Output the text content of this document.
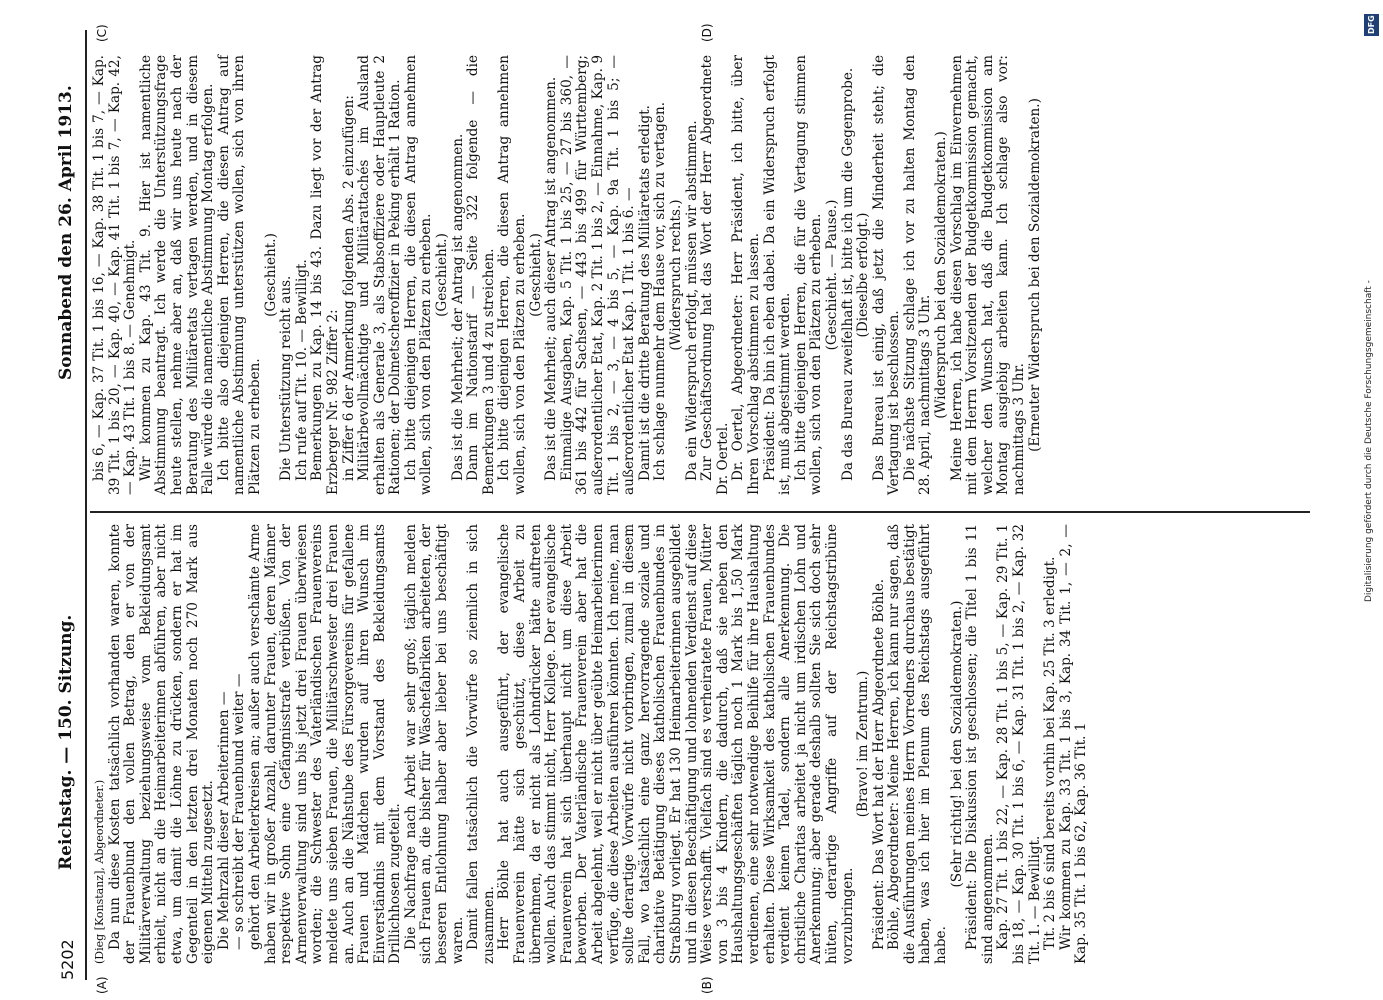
5202
Reichstag. — 150. Sitzung.
Sonnabend den 26. April 1913.
(A)	(B)
(C)	(D)

(Dieg [Konstanz], Abgeordneter.) Da nun diese Kosten tatsächlich vorhanden waren, konnte der Frauenbund den vollen Betrag, den er von der Militärverwaltung beziehungsweise vom Bekleidungsamt erhielt, nicht an die Heimarbeiterinnen abführen, aber nicht etwa, um damit die Löhne zu drücken, sondern er hat im Gegenteil in den letzten drei Monaten noch 270 Mark aus eigenen Mitteln zugesetzt. Die Mehrzahl dieser Arbeiterinnen — — so schreibt der Frauenbund weiter — gehört den Arbeiterkreisen an; außer auch verschämte Arme haben wir in großer Anzahl, darunter Frauen, deren Männer respektive Sohn eine Gefängnisstrafe verbüßen. Von der Armenverwaltung sind uns bis jetzt drei Frauen überwiesen worden; die Schwester des Vaterländischen Frauenvereins meldete uns sieben Frauen, die Militärschwester drei Frauen an. Auch an die Nähstube des Fürsorgevereins für gefallene Frauen und Mädchen wurden auf ihren Wunsch im Einverständnis mit dem Vorstand des Bekleidungsamts Drillichhosen zugeteilt. Die Nachfrage nach Arbeit war sehr groß; täglich melden sich Frauen an, die bisher für Wäschefabriken arbeiteten, der besseren Entlohnung halber aber lieber bei uns beschäftigt waren. Damit fallen tatsächlich die Vorwürfe so ziemlich in sich zusammen. Herr Böhle hat auch ausgeführt, der evangelische Frauenverein hätte sich geschützt, diese Arbeit zu übernehmen, da er nicht als Lohndrücker hätte auftreten wollen. Auch das stimmt nicht, Herr Kollege. Der evangelische Frauenverein hat sich überhaupt nicht um diese Arbeit beworben. Der Vaterländische Frauenverein aber hat die Arbeit abgelehnt, weil er nicht über geübte Heimarbeiterinnen verfüge, die diese Arbeiten ausführen könnten. Ich meine, man sollte derartige Vorwürfe nicht vorbringen, zumal in diesem Fall, wo tatsächlich eine ganz hervorragende soziale und charitative Betätigung dieses katholischen Frauenbundes in Straßburg vorliegt. Er hat 130 Heimarbeiterinnen ausgebildet und in diesen Beschäftigung und lohnenden Verdienst auf diese Weise verschafft. Vielfach sind es verheiratete Frauen, Mütter von 3 bis 4 Kindern, die dadurch, daß sie neben den Haushaltungsgeschäften täglich noch 1 Mark bis 1,50 Mark verdienen, eine sehr notwendige Beihilfe für ihre Haushaltung erhalten. Diese Wirksamkeit des katholischen Frauenbundes verdient keinen Tadel, sondern alle Anerkennung. Die christliche Charitas arbeitet ja nicht um irdischen Lohn und Anerkennung; aber gerade deshalb sollten Sie sich doch sehr hüten, derartige Angriffe auf der Reichstagstribüne vorzubringen.

(Bravo! im Zentrum.) Präsident: Das Wort hat der Herr Abgeordnete Böhle. Böhle, Abgeordneter: Meine Herren, ich kann nur sagen, daß die Ausführungen meines Herrn Vorredners durchaus bestätigt haben, was ich hier im Plenum des Reichstags ausgeführt habe.

(Sehr richtig! bei den Sozialdemokraten.) Präsident: Die Diskussion ist geschlossen; die Titel 1 bis 11 sind angenommen. Kap. 27 Tit. 1 bis 22, — Kap. 28 Tit. 1 bis 5, — Kap. 29 Tit. 1 bis 18, — Kap. 30 Tit. 1 bis 6, — Kap. 31 Tit. 1 bis 2, — Kap. 32 Tit. 1. — Bewilligt. Tit. 2 bis 6 sind bereits vorhin bei Kap. 25 Tit. 3 erledigt. Wir kommen zu Kap. 33 Tit. 1 bis 3, Kap. 34 Tit. 1, — 2, — Kap. 35 Tit. 1 bis 62, Kap. 36 Tit. 1

bis 6, — Kap. 37 Tit. 1 bis 16, — Kap. 38 Tit. 1 bis 7, — Kap. 39 Tit. 1 bis 20, — Kap. 40, — Kap. 41 Tit. 1 bis 7, — Kap. 42, — Kap. 43 Tit. 1 bis 8. — Genehmigt. Wir kommen zu Kap. 43 Tit. 9. Hier ist namentliche Abstimmung beantragt. Ich werde die Unterstützungsfrage heute stellen, nehme aber an, daß wir uns heute nach der Beratung des Militäretats vertagen werden, und in diesem Falle würde die namentliche Abstimmung Montag erfolgen. Ich bitte also diejenigen Herren, die diesen Antrag auf namentliche Abstimmung unterstützen wollen, sich von ihren Plätzen zu erheben.

(Geschieht.)

Die Unterstützung reicht aus. Ich rufe auf Tit. 10. — Bewilligt. Bemerkungen zu Kap. 14 bis 43. Dazu liegt vor der Antrag Erzberger Nr. 982 Ziffer 2: in Ziffer 6 der Anmerkung folgenden Abs. 2 einzufügen: Militärbevollmächtigte und Militärattachés im Ausland erhalten als Generale 3, als Stabsoffiziere oder Hauptleute 2 Rationen; der Dolmetscheroffizier in Peking erhält 1 Ration. Ich bitte diejenigen Herren, die diesen Antrag annehmen wollen, sich von den Plätzen zu erheben. (Geschieht.) Das ist die Mehrheit; der Antrag ist angenommen. Dann im Nationstarif — Seite 322 folgende — die Bemerkungen 3 und 4 zu streichen. Ich bitte diejenigen Herren, die diesen Antrag annehmen wollen, sich von den Plätzen zu erheben. (Geschieht.) Das ist die Mehrheit; auch dieser Antrag ist angenommen. Einmalige Ausgaben, Kap. 5 Tit. 1 bis 25, — 27 bis 360, — 361 bis 442 für Sachsen, — 443 bis 499 für Württemberg; außerordentlicher Etat, Kap. 2 Tit. 1 bis 2, — Einnahme, Kap. 9 Tit. 1 bis 2, — 3, — 4 bis 5, — Kap. 9a Tit. 1 bis 5; — außerordentlicher Etat Kap. 1 Tit. 1 bis 6. — Damit ist die dritte Beratung des Militäretats erledigt. Ich schlage nunmehr dem Hause vor, sich zu vertagen. (Widerspruch rechts.) Da ein Widerspruch erfolgt, müssen wir abstimmen. Zur Geschäftsordnung hat das Wort der Herr Abgeordnete Dr. Oertel. Dr. Oertel, Abgeordneter: Herr Präsident, ich bitte, über Ihren Vorschlag abstimmen zu lassen. Präsident: Da bin ich eben dabei. Da ein Widerspruch erfolgt ist, muß abgestimmt werden. Ich bitte diejenigen Herren, die für die Vertagung stimmen wollen, sich von den Plätzen zu erheben. (Geschieht. — Pause.) Da das Bureau zweifelhaft ist, bitte ich um die Gegenprobe. (Dieselbe erfolgt.) Das Bureau ist einig, daß jetzt die Minderheit steht; die Vertagung ist beschlossen. Die nächste Sitzung schlage ich vor zu halten Montag den 28. April, nachmittags 3 Uhr. (Widerspruch bei den Sozialdemokraten.) Meine Herren, ich habe diesen Vorschlag im Einvernehmen mit dem Herrn Vorsitzenden der Budgetkommission gemacht, welcher den Wunsch hat, daß die Budgetkommission am Montag ausgiebig arbeiten kann. Ich schlage also vor: nachmittags 3 Uhr. (Erneuter Widerspruch bei den Sozialdemokraten.)

DFG
Digitalisierung gefördert durch die Deutsche Forschungsgemeinschaft -
